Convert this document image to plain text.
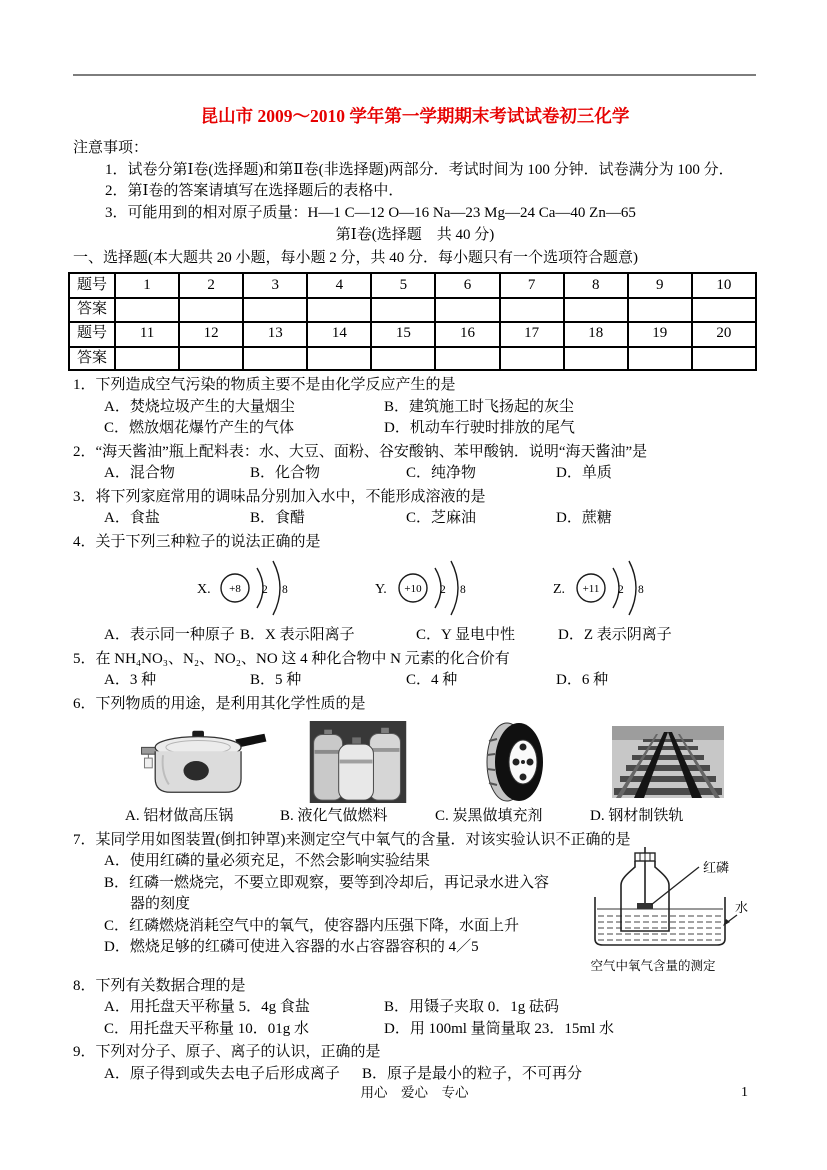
昆山市 2009～2010 学年第一学期期末考试试卷初三化学
注意事项：
1．试卷分第Ⅰ卷(选择题)和第Ⅱ卷(非选择题)两部分．考试时间为 100 分钟．试卷满分为 100 分．
2．第Ⅰ卷的答案请填写在选择题后的表格中．
3．可能用到的相对原子质量：H—1 C—12 O—16 Na—23 Mg—24 Ca—40 Zn—65
第Ⅰ卷(选择题　共 40 分)
一、选择题(本大题共 20 小题，每小题 2 分，共 40 分．每小题只有一个选项符合题意)
题号	1	2	3	4	5	6	7	8	9	10
答案										
题号	11	12	13	14	15	16	17	18	19	20
答案										
1．下列造成空气污染的物质主要不是由化学反应产生的是
A．焚烧垃圾产生的大量烟尘	B．建筑施工时飞扬起的灰尘
C．燃放烟花爆竹产生的气体	D．机动车行驶时排放的尾气
2．“海天酱油”瓶上配料表：水、大豆、面粉、谷安酸钠、苯甲酸钠．说明“海天酱油”是
A．混合物	B．化合物	C．纯净物	D．单质
3．将下列家庭常用的调味品分别加入水中，不能形成溶液的是
A．食盐	B．食醋	C．芝麻油	D．蔗糖
4．关于下列三种粒子的说法正确的是
X. +8 2 8	Y. +10 2 8	Z. +11 2 8
A．表示同一种原子 B．X 表示阳离子	C．Y 显电中性	D．Z 表示阴离子
5．在 NH₄NO₃、N₂、NO₂、NO 这 4 种化合物中 N 元素的化合价有
A．3 种	B．5 种	C．4 种	D．6 种
6．下列物质的用途，是利用其化学性质的是
A. 铝材做高压锅	B. 液化气做燃料	C. 炭黑做填充剂	D. 钢材制铁轨
7．某同学用如图装置(倒扣钟罩)来测定空气中氧气的含量．对该实验认识不正确的是
A．使用红磷的量必须充足，不然会影响实验结果
B．红磷一燃烧完，不要立即观察，要等到冷却后，再记录水进入容器的刻度
C．红磷燃烧消耗空气中的氧气，使容器内压强下降，水面上升
D．燃烧足够的红磷可使进入容器的水占容器容积的 4／5
红磷
水
空气中氧气含量的测定
8．下列有关数据合理的是
A．用托盘天平称量 5．4g 食盐	B．用镊子夹取 0．1g 砝码
C．用托盘天平称量 10．01g 水	D．用 100ml 量筒量取 23．15ml 水
9．下列对分子、原子、离子的认识，正确的是
A．原子得到或失去电子后形成离子	B．原子是最小的粒子，不可再分
用心　爱心　专心	1
